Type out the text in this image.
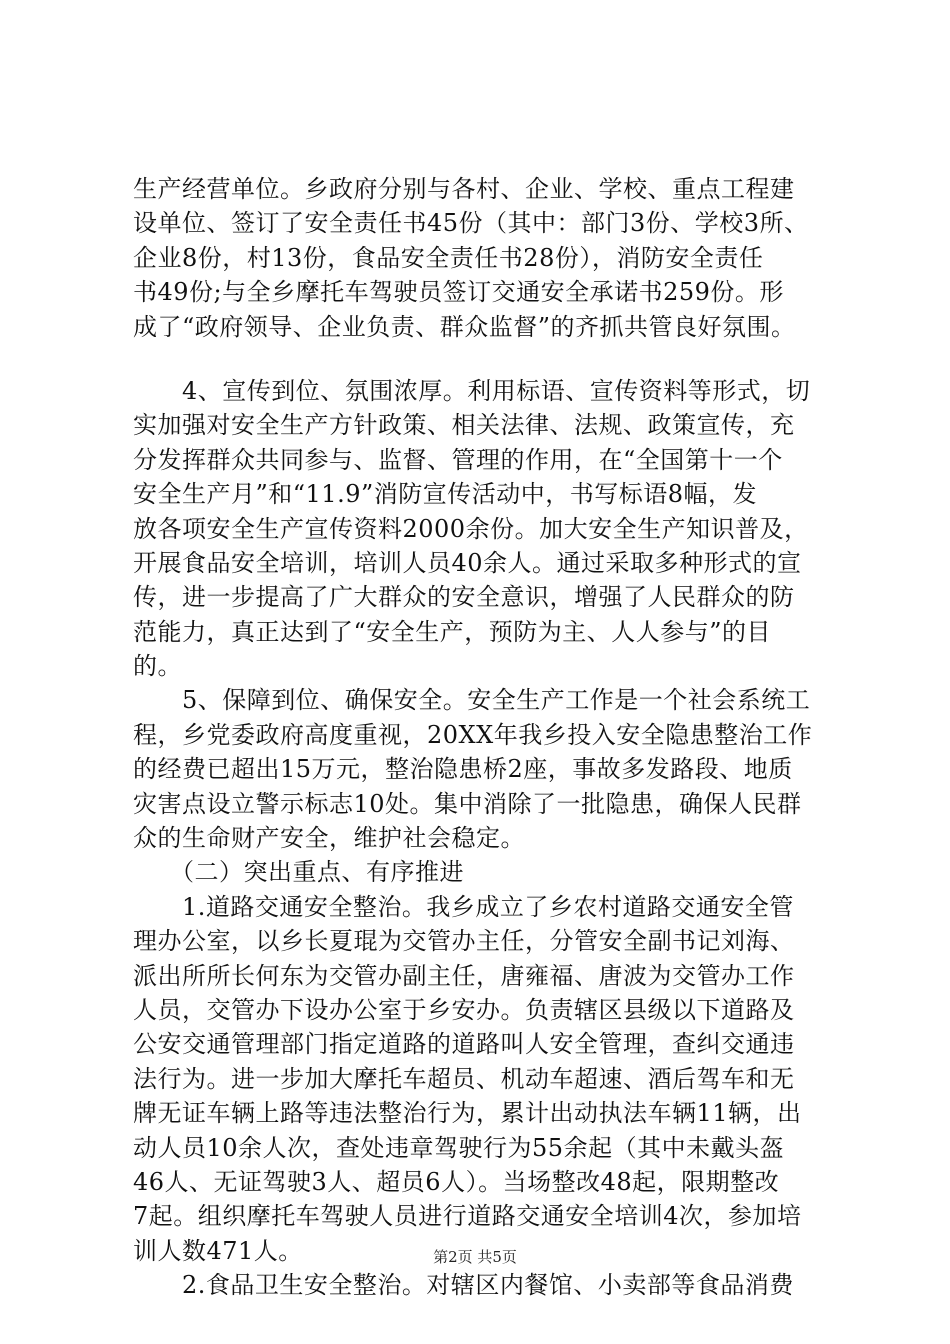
生产经营单位。乡政府分别与各村、企业、学校、重点工程建
设单位、签订了安全责任书45份（其中：部门3份、学校3所、
企业8份，村13份，食品安全责任书28份），消防安全责任
书49份;与全乡摩托车驾驶员签订交通安全承诺书259份。形
成了“政府领导、企业负责、群众监督”的齐抓共管良好氛围。
　　4、宣传到位、氛围浓厚。利用标语、宣传资料等形式，切
实加强对安全生产方针政策、相关法律、法规、政策宣传，充
分发挥群众共同参与、监督、管理的作用，在“全国第十一个
安全生产月”和“11.9”消防宣传活动中，书写标语8幅，发
放各项安全生产宣传资料2000余份。加大安全生产知识普及，
开展食品安全培训，培训人员40余人。通过采取多种形式的宣
传，进一步提高了广大群众的安全意识，增强了人民群众的防
范能力，真正达到了“安全生产，预防为主、人人参与”的目
的。
　　5、保障到位、确保安全。安全生产工作是一个社会系统工
程，乡党委政府高度重视，20XX年我乡投入安全隐患整治工作
的经费已超出15万元，整治隐患桥2座，事故多发路段、地质
灾害点设立警示标志10处。集中消除了一批隐患，确保人民群
众的生命财产安全，维护社会稳定。
　　（二）突出重点、有序推进
　　1.道路交通安全整治。我乡成立了乡农村道路交通安全管
理办公室，以乡长夏琨为交管办主任，分管安全副书记刘海、
派出所所长何东为交管办副主任，唐雍福、唐波为交管办工作
人员，交管办下设办公室于乡安办。负责辖区县级以下道路及
公安交通管理部门指定道路的道路叫人安全管理，查纠交通违
法行为。进一步加大摩托车超员、机动车超速、酒后驾车和无
牌无证车辆上路等违法整治行为，累计出动执法车辆11辆，出
动人员10余人次，查处违章驾驶行为55余起（其中未戴头盔
46人、无证驾驶3人、超员6人）。当场整改48起，限期整改
7起。组织摩托车驾驶人员进行道路交通安全培训4次，参加培
训人数471人。
　　2.食品卫生安全整治。对辖区内餐馆、小卖部等食品消费
第2页 共5页
